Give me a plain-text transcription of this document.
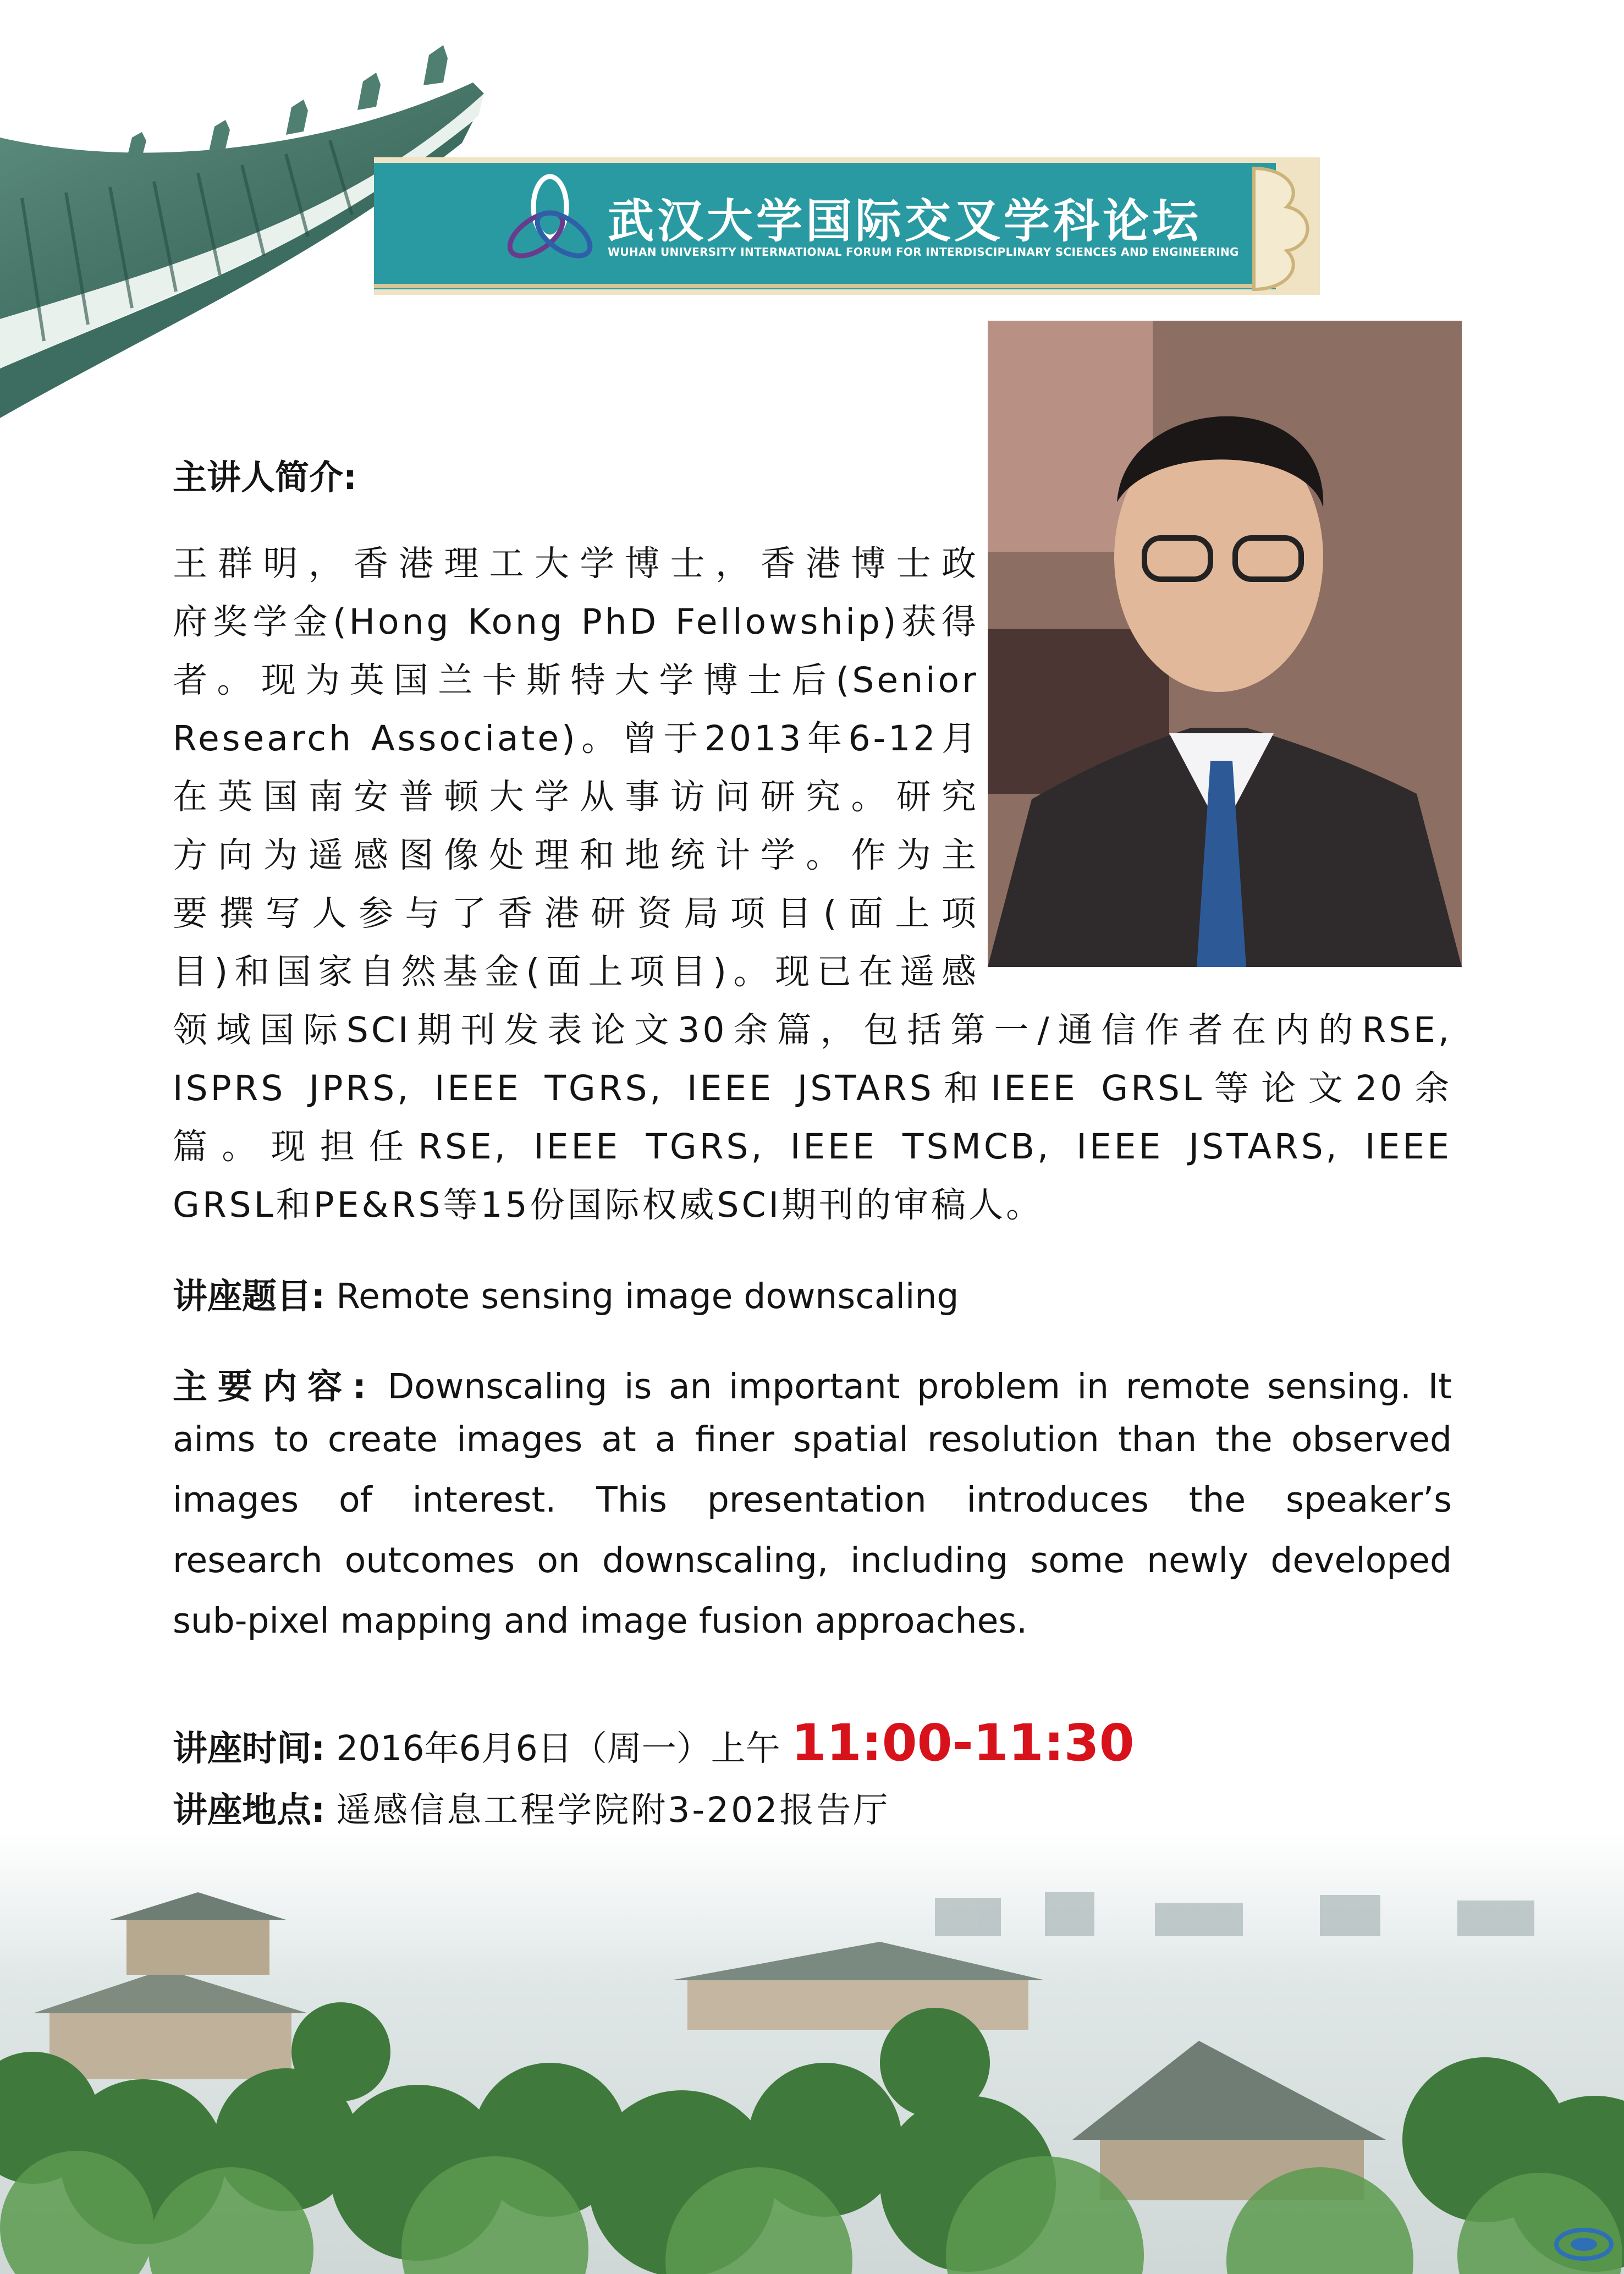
武汉大学国际交叉学科论坛
WUHAN UNIVERSITY INTERNATIONAL FORUM FOR INTERDISCIPLINARY SCIENCES AND ENGINEERING
主讲人简介:
王群明，香港理工大学博士，香港博士政
府奖学金(Hong Kong PhD Fellowship)获得
者。现为英国兰卡斯特大学博士后(Senior
Research Associate)。曾于2013年6-12月
在英国南安普顿大学从事访问研究。研究
方向为遥感图像处理和地统计学。作为主
要撰写人参与了香港研资局项目(面上项
目)和国家自然基金(面上项目)。现已在遥感
领域国际SCI期刊发表论文30余篇，包括第一/通信作者在内的RSE,
ISPRS JPRS, IEEE TGRS, IEEE JSTARS和IEEE GRSL等论文20余
篇。现担任RSE, IEEE TGRS, IEEE TSMCB, IEEE JSTARS, IEEE
GRSL和PE&RS等15份国际权威SCI期刊的审稿人。
讲座题目: Remote sensing image downscaling
主要内容: Downscaling is an important problem in remote sensing. It
aims to create images at a finer spatial resolution than the observed
images of interest. This presentation introduces the speaker’s
research outcomes on downscaling, including some newly developed
sub-pixel mapping and image fusion approaches.
讲座时间: 2016年6月6日（周一）上午 11:00-11:30
讲座地点: 遥感信息工程学院附3-202报告厅
